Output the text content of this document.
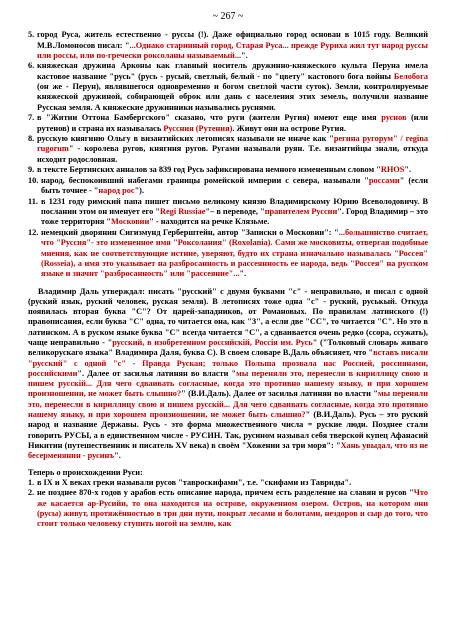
~ 267 ~
5. город Руса, житель естественно - руссы (!). Даже официально город основан в 1015 году. Великий М.В.Ломоносов писал: "...Однако старинный город, Старая Руса... прежде Руриха жил тут народ руссы или россы, или по-гречески роксоланы называемый...".
6. княжеская дружина Арконы как главный носитель дружинно-княжеского культа Перуна имела кастовое название "русь" (русь - русый, светлый, белый - по "цвету" кастового бога войны Белобога (он же - Перун), являвшегося одновременно и богом светлой части суток). Земли, контролируемые княжеской дружиной, собирающей оброк или дань с населения этих земель, получили название Русская земля. А княжеские дружинники назывались руснями.
7. в "Житии Оттона Бамбергского" сказано, что руги (жители Ругия) имеют еще имя руснов (или рутенов) и страна их называлась Руссния (Рутения). Живут они на острове Ругия.
8. русскую княгиню Ольгу в византийских летописях называли не иначе как "регина ругорум" / regina rugorum" - королева ругов, княгиня ругов. Ругами называли руян. Т.е. византийцы знали, откуда исходит родословная.
9. в тексте Бертинских анналов за 839 год Русь зафиксирована немного измененным словом "RHOS".
10. народ, беспокоивший набегами границы ромейской империи с севера, называли "россами" (если быть точнее - "народ рос").
11. в 1231 году римский папа пишет письмо великому князю Владимирскому Юрию Всеволодовичу. В послании этом он именует его "Regi Russiae"– в переводе, "правителем Руссии". Город Владимир – это тоже территория "Московии" - находится на речке Клязьме.
12. немецкий дворянин Сигизмунд Герберштейн, автор "Записки о Московии": "...большинство считает, что "Руссия"- это измененное имя "Роксолания" (Roxolania). Сами же московиты, отвергая подобные мнения, как не соответствующие истине, уверяют, будто их страна изначально называлась "Россея" (Rosseia), а имя это указывает на разбросанность и рассеянность ее народа, ведь "Россея" на русском языке и значит "разбросанность" или "рассеяние"...".

Владимир Даль утверждал: писать "русский" с двумя буквами "с" - неправильно, и писал с одной (руский язык, руский человек, руская земля). В летописях тоже одна "с" - руский, руськый. Откуда появилась вторая буква "С"? От царей-западников, от Романовых. По правилам латинского (!) правописания, если буква "С" одна, то читается она, как "З", а если две "СС", то читается "С". Но это в латинском. А в руском языке буква "С" всегда читается "С", а сдваивается очень редко (ссора, ссужать), чаще неправильно - "русский, в изобретенном российскій, Россія им. Русь" ("Толковый словарь живаго великорускаго языка" Владимира Даля, буква С). В своем словаре В.Даль объясняет, что "вставъ писали "русский" с одной "с" - Правда Руская; только Польша прозвала нас Россией, россиянами, российскими". Далее от засилья латинян во власти "мы переняли это, перенесли в кириллицу свою и пишем русскій... Для чего сдваивать согласные, когда это противно нашему языку, и при хорошем произношении, не может быть слышно?" (В.И.Даль). Далее от засилья латинян во власти "мы переняли это, перенесли в кириллицу свою и пишем русскій... Для чего сдваивать согласные, когда это противно нашему языку, и при хорошем произношении, не может быть слышно?" (В.И.Даль). Русь – это руский народ и название Державы. Русь - это форма множественного числа = руские люди. Позднее стали говорить РУСЫ, а в единственном числе - РУСИН. Так, русином называл себя тверской купец Афанасий Никитин (путешественник и писатель XV века) в своём "Хожении за три моря": "Хань увыдал, что яз не бесерменянин - русинъ".

Теперь о происхождении Руси:

1. в IX и X веках греки называли русов "тавроскифами", т.е. "скифами из Тавриды".
2. не позднее 870-х годов у арабов есть описание народа, причем есть разделение на славян и русов "Что же касается ар-Русийи, то она находится на острове, окруженном озером. Остров, на котором они (русы) живут, протяжённостью в три дня пути, покрыт лесами и болотами, нездоров и сыр до того, что стоит только человеку ступить ногой на землю, как
